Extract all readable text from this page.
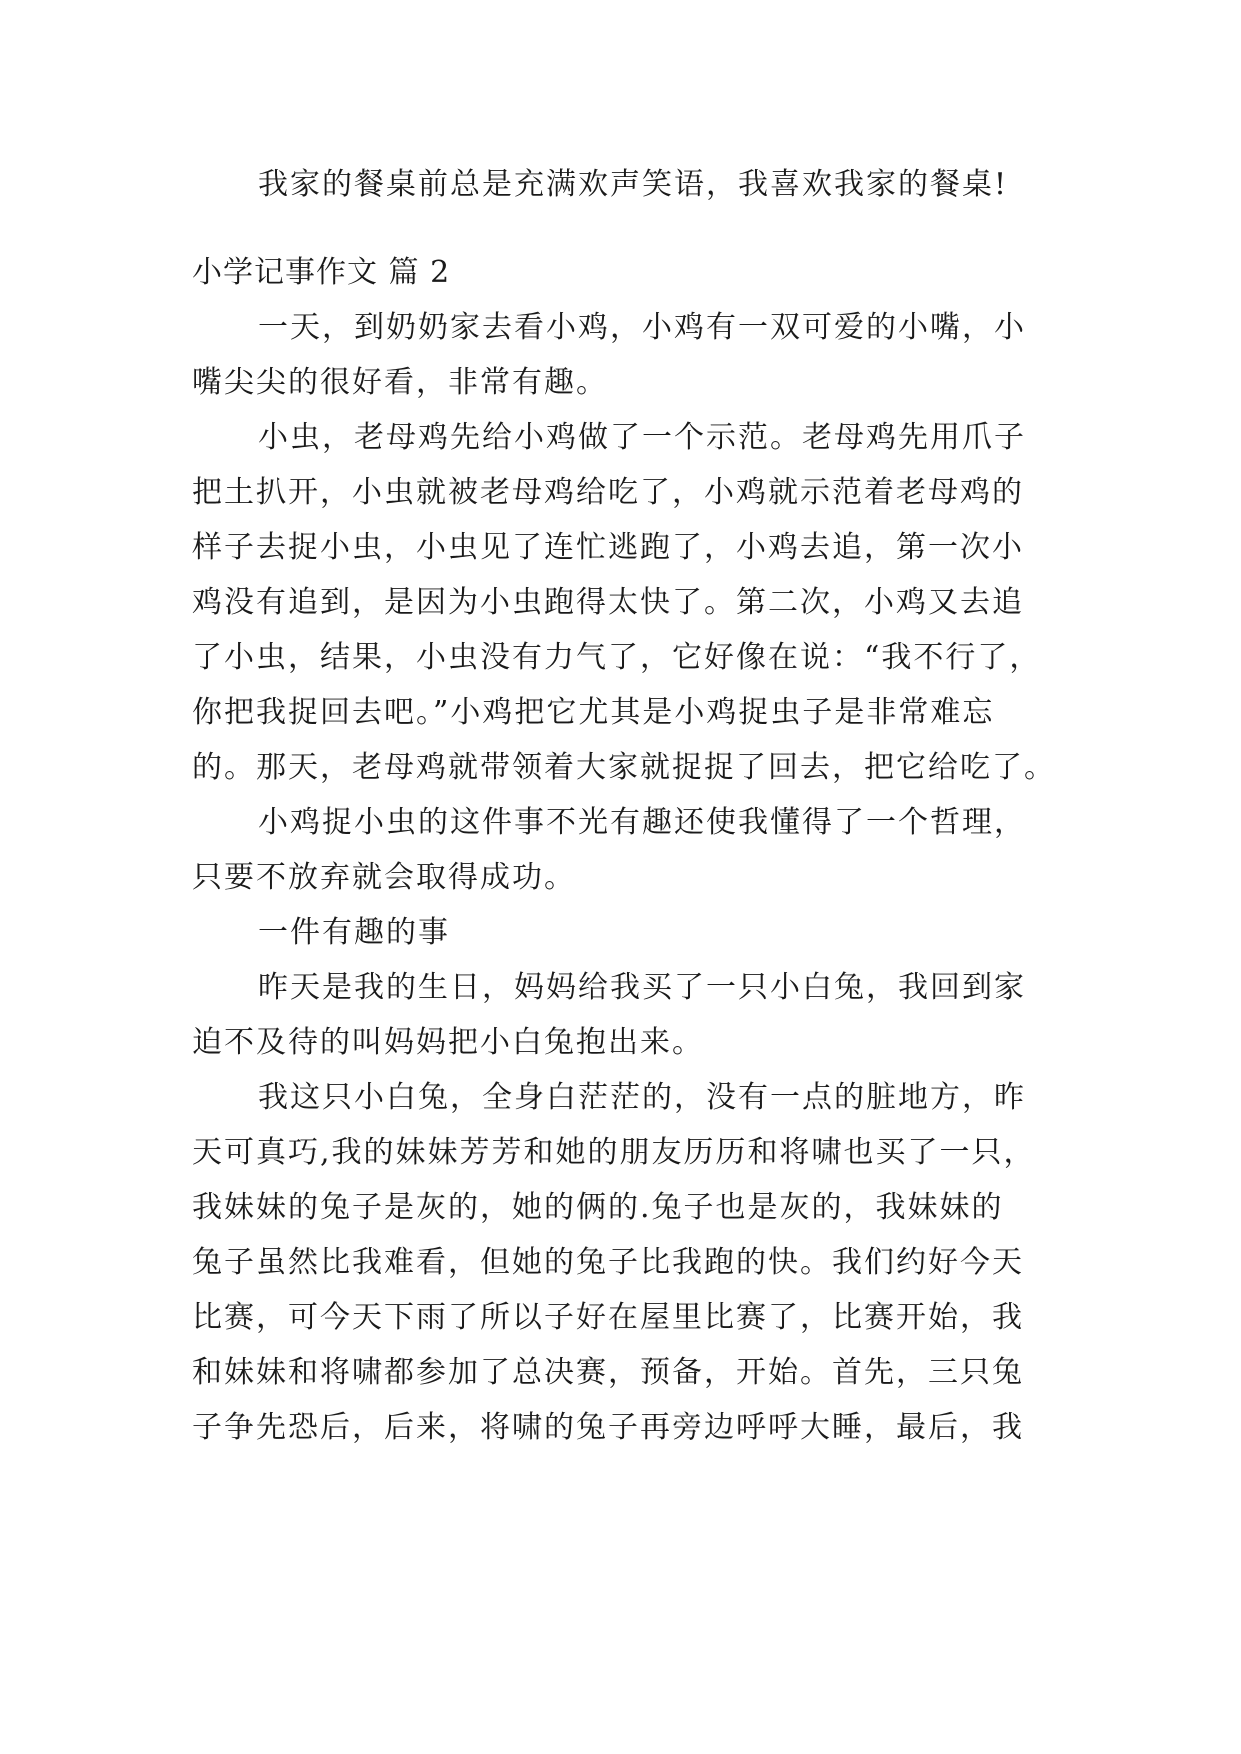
我家的餐桌前总是充满欢声笑语，我喜欢我家的餐桌!

小学记事作文 篇 2

一天，到奶奶家去看小鸡，小鸡有一双可爱的小嘴，小

嘴尖尖的很好看，非常有趣。

小虫，老母鸡先给小鸡做了一个示范。老母鸡先用爪子

把土扒开，小虫就被老母鸡给吃了，小鸡就示范着老母鸡的

样子去捉小虫，小虫见了连忙逃跑了，小鸡去追，第一次小

鸡没有追到，是因为小虫跑得太快了。第二次，小鸡又去追

了小虫，结果，小虫没有力气了，它好像在说：“我不行了，

你把我捉回去吧。”小鸡把它尤其是小鸡捉虫子是非常难忘

的。那天，老母鸡就带领着大家就捉捉了回去，把它给吃了。

小鸡捉小虫的这件事不光有趣还使我懂得了一个哲理，

只要不放弃就会取得成功。

一件有趣的事

昨天是我的生日，妈妈给我买了一只小白兔，我回到家

迫不及待的叫妈妈把小白兔抱出来。

我这只小白兔，全身白茫茫的，没有一点的脏地方，昨

天可真巧,我的妹妹芳芳和她的朋友历历和将啸也买了一只，

我妹妹的兔子是灰的，她的俩的.兔子也是灰的，我妹妹的

兔子虽然比我难看，但她的兔子比我跑的快。我们约好今天

比赛，可今天下雨了所以子好在屋里比赛了，比赛开始，我

和妹妹和将啸都参加了总决赛，预备，开始。首先，三只兔

子争先恐后，后来，将啸的兔子再旁边呼呼大睡，最后，我
